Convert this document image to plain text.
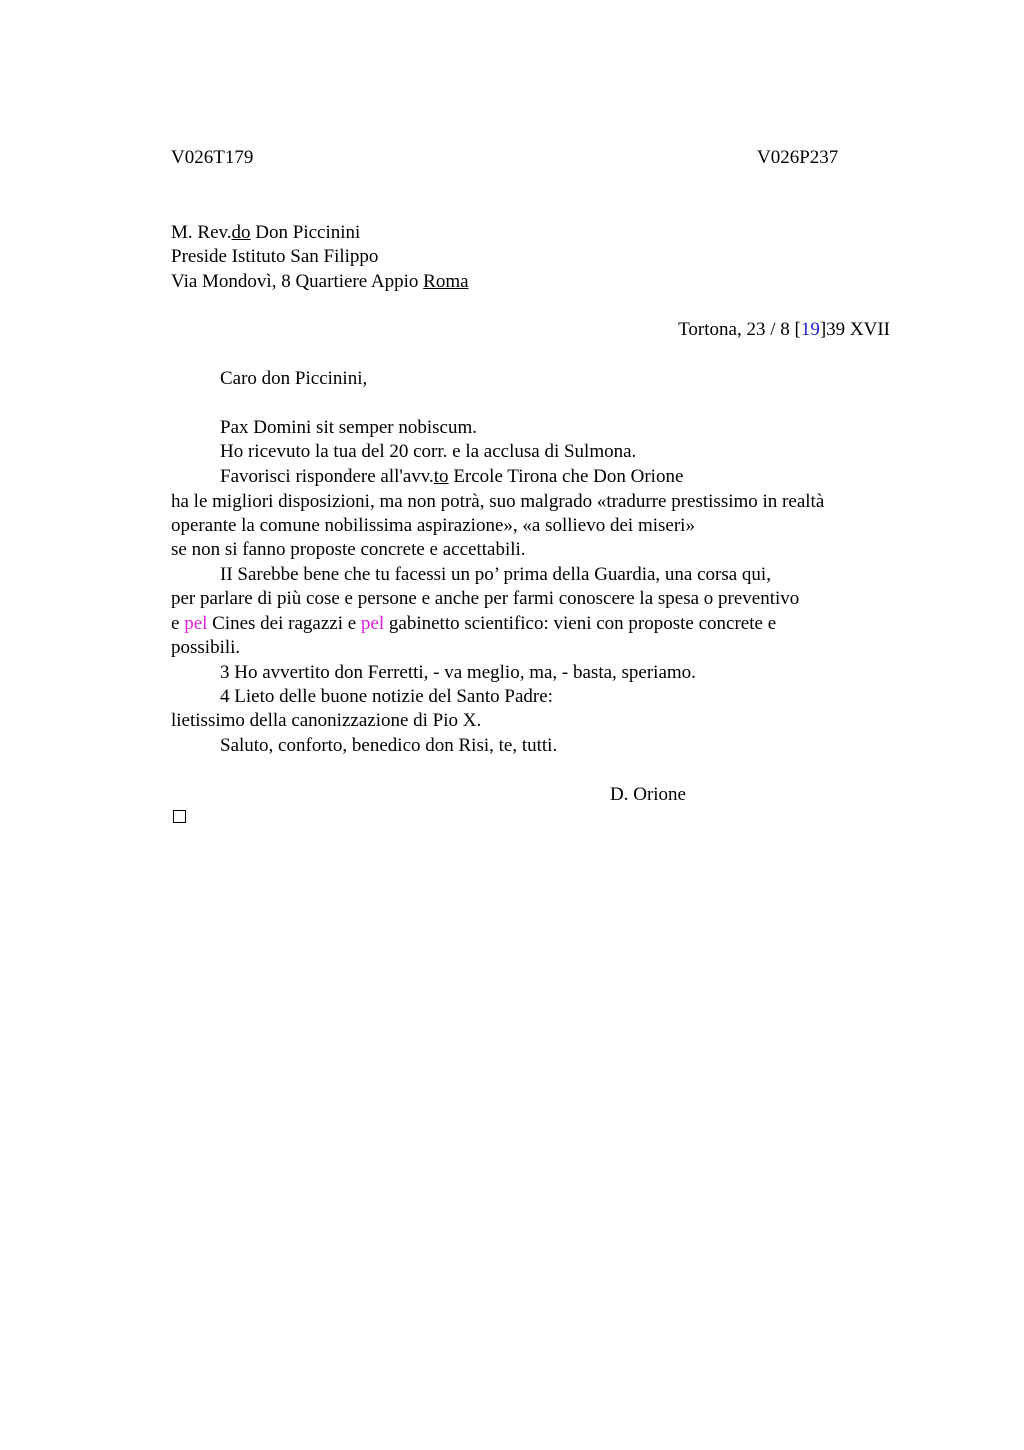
V026T179	V026P237
M. Rev.do Don Piccinini
Preside Istituto San Filippo
Via Mondovì, 8 Quartiere Appio Roma
Tortona, 23 / 8 [19]39 XVII
Caro don Piccinini,
Pax Domini sit semper nobiscum.
Ho ricevuto la tua del 20 corr. e la acclusa di Sulmona.
Favorisci rispondere all'avv.to Ercole Tirona che Don Orione
ha le migliori disposizioni, ma non potrà, suo malgrado «tradurre prestissimo in realtà
operante la comune nobilissima aspirazione», «a sollievo dei miseri»
se non si fanno proposte concrete e accettabili.
II Sarebbe bene che tu facessi un po’ prima della Guardia, una corsa qui,
per parlare di più cose e persone e anche per farmi conoscere la spesa o preventivo
e pel Cines dei ragazzi e pel gabinetto scientifico: vieni con proposte concrete e
possibili.
3 Ho avvertito don Ferretti, - va meglio, ma, - basta, speriamo.
4 Lieto delle buone notizie del Santo Padre:
lietissimo della canonizzazione di Pio X.
Saluto, conforto, benedico don Risi, te, tutti.
D. Orione
